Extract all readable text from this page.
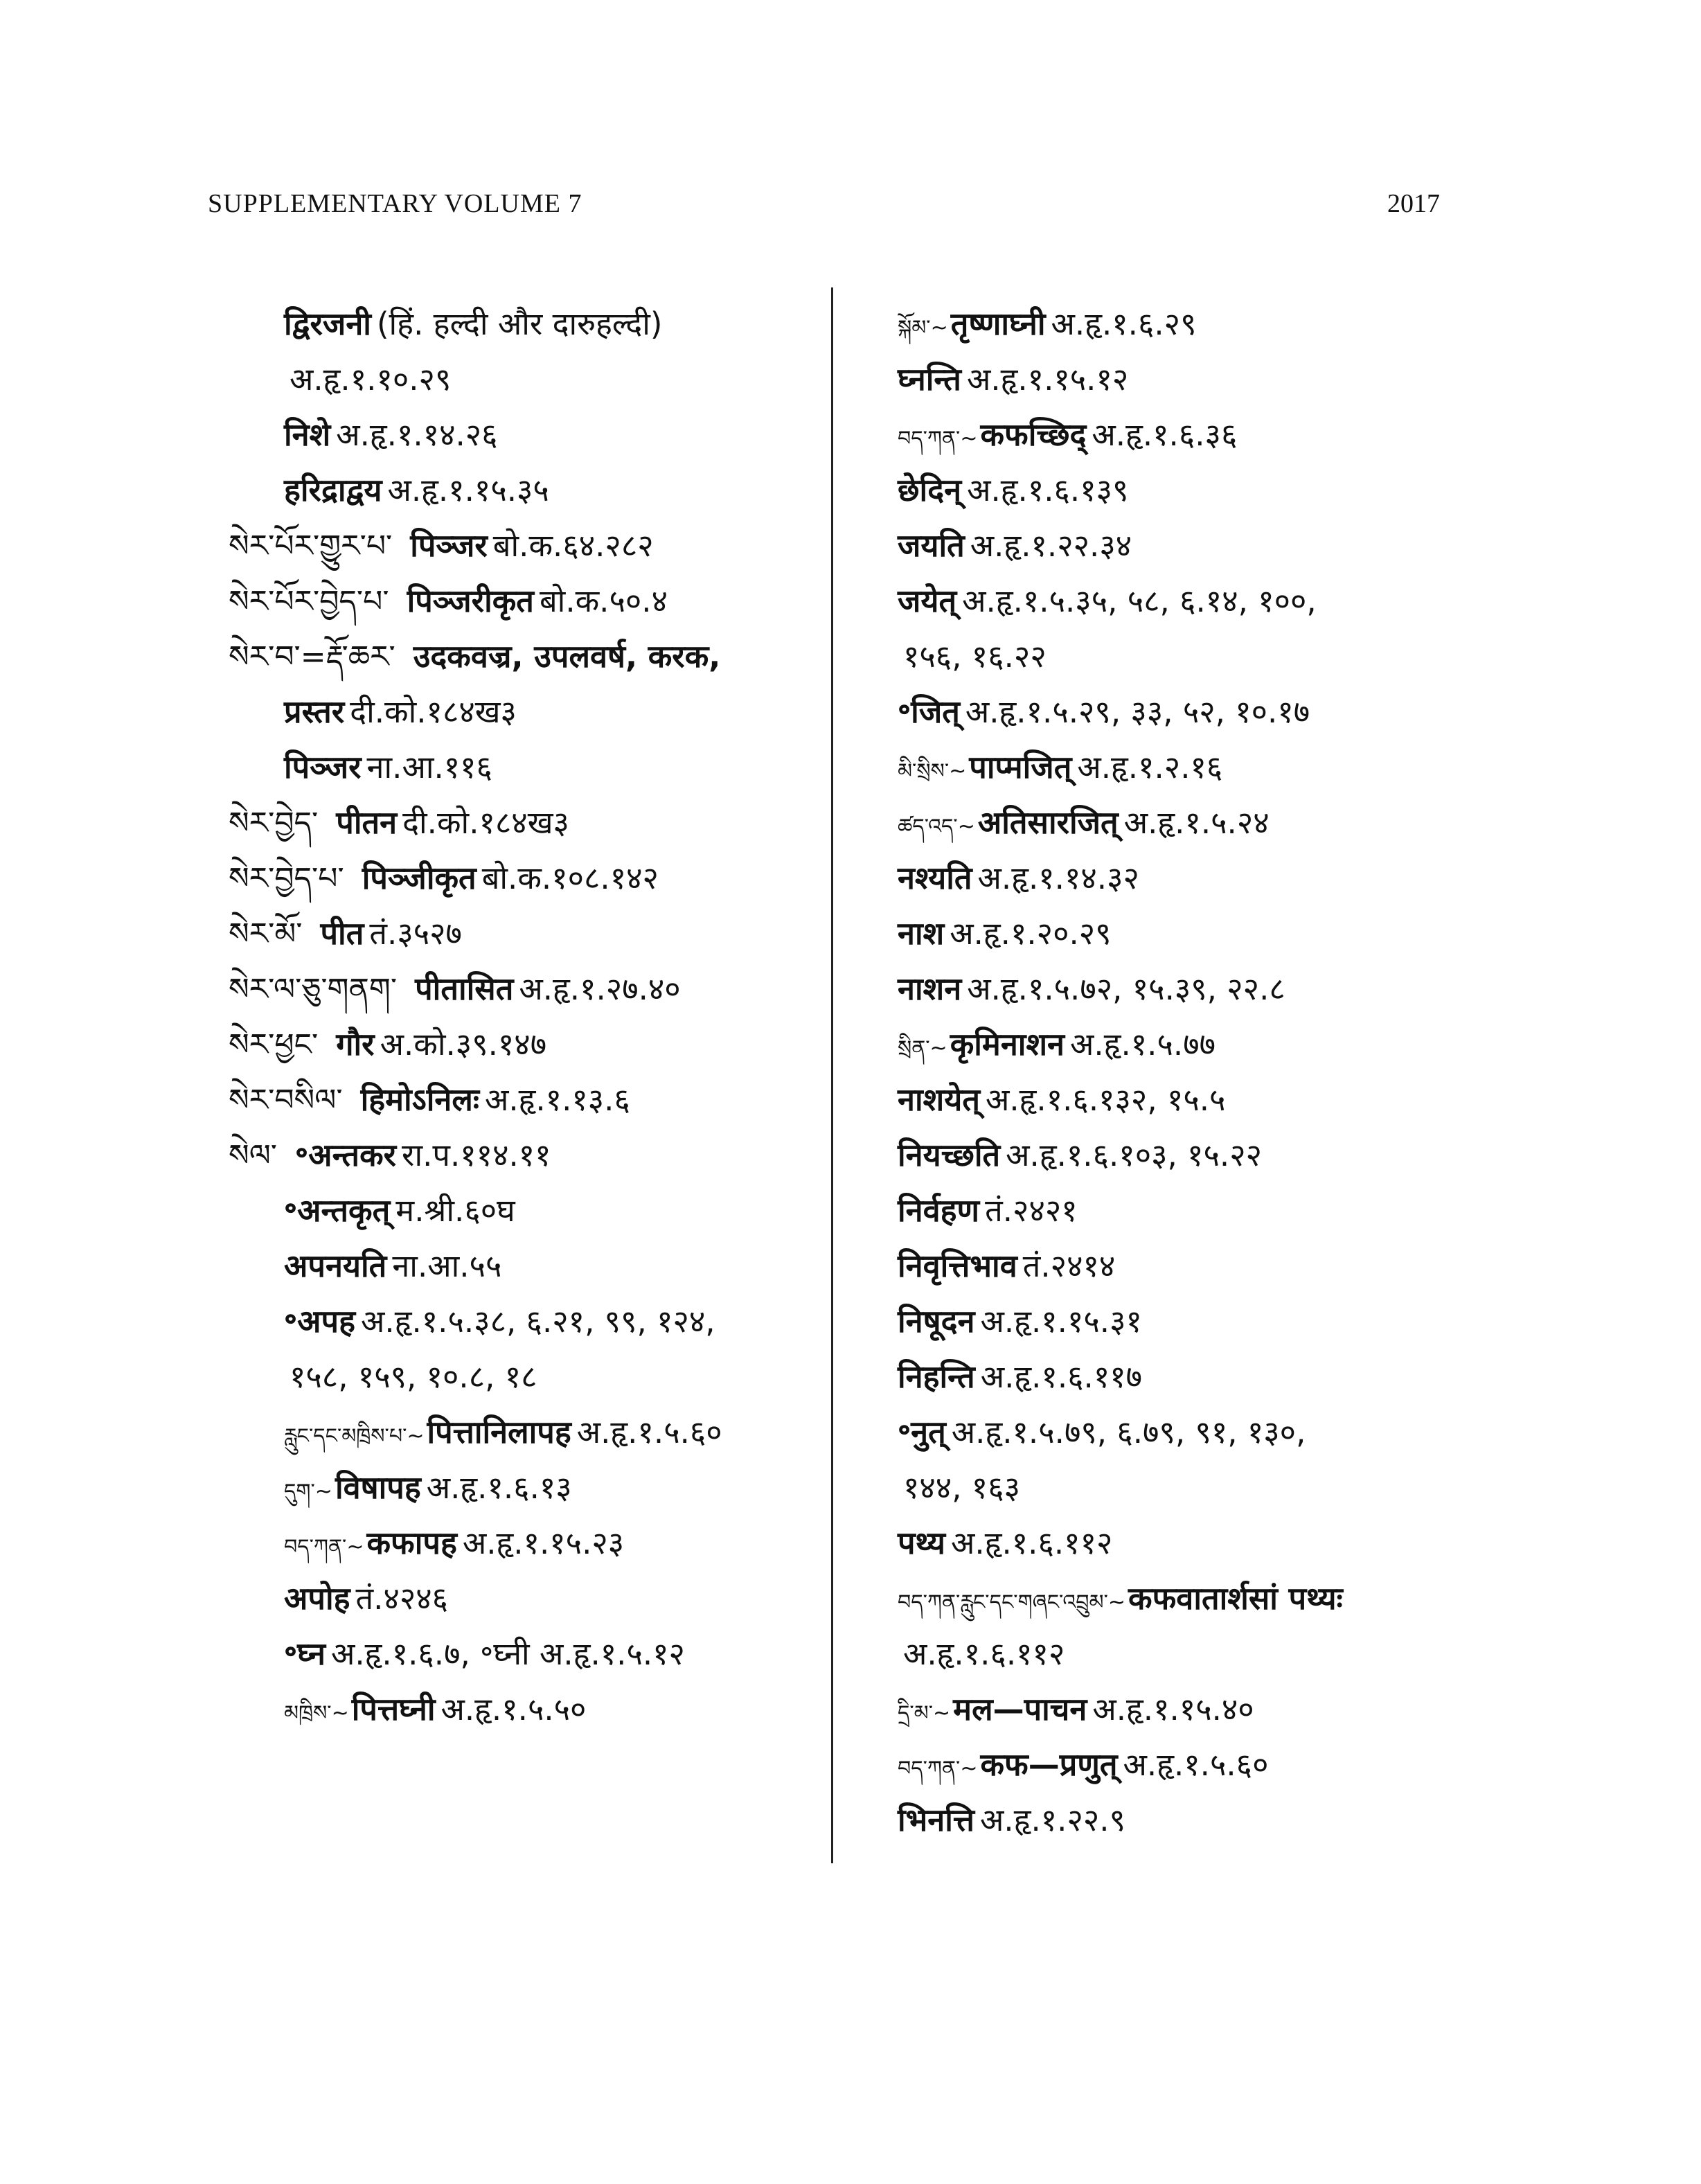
SUPPLEMENTARY VOLUME 7	2017
द्विरजनी (हिं. हल्दी और दारुहल्दी)
अ.हृ.१.१०.२९
निशे अ.हृ.१.१४.२६
हरिद्राद्वय अ.हृ.१.१५.३५
སེར་པོར་གྱུར་པ་ पिञ्जर बो.क.६४.२८२
སེར་པོར་བྱེད་པ་ पिञ्जरीकृत बो.क.५०.४
སེར་བ་=རྡོ་ཆར་ उदकवज्र, उपलवर्ष, करक,
प्रस्तर दी.को.१८४ख३
पिञ्जर ना.आ.११६
སེར་བྱེད་ पीतन दी.को.१८४ख३
སེར་བྱེད་པ་ पिञ्जीकृत बो.क.१०८.१४२
སེར་མོ་ पीत तं.३५२७
སེར་ལ་ཅུ་གནག་ पीतासित अ.हृ.१.२७.४०
སེར་ཕྱང་ गौर अ.को.३९.१४७
སེར་བསིལ་ हिमोऽनिलः अ.हृ.१.१३.६
སེལ་ ॰अन्तकर रा.प.११४.११
॰अन्तकृत् म.श्री.६०घ
अपनयति ना.आ.५५
॰अपह अ.हृ.१.५.३८, ६.२१, ९९, १२४,
१५८, १५९, १०.८, १८
རླུང་དང་མཁྲིས་པ་~पित्तानिलापह अ.हृ.१.५.६०
དུག་~विषापह अ.हृ.१.६.१३
བད་ཀན་~कफापह अ.हृ.१.१५.२३
अपोह तं.४२४६
॰घ्न अ.हृ.१.६.७, ॰घ्नी अ.हृ.१.५.१२
མཁྲིས་~पित्तघ्नी अ.हृ.१.५.५०
སྐོམ་~तृष्णाघ्नी अ.हृ.१.६.२९
घ्नन्ति अ.हृ.१.१५.१२
བད་ཀན་~कफच्छिद् अ.हृ.१.६.३६
छेदिन् अ.हृ.१.६.१३९
जयति अ.हृ.१.२२.३४
जयेत् अ.हृ.१.५.३५, ५८, ६.१४, १००,
१५६, १६.२२
॰जित् अ.हृ.१.५.२९, ३३, ५२, १०.१७
མི་སྲིས་~पाप्मजित् अ.हृ.१.२.१६
ཚད་འད་~अतिसारजित् अ.हृ.१.५.२४
नश्यति अ.हृ.१.१४.३२
नाश अ.हृ.१.२०.२९
नाशन अ.हृ.१.५.७२, १५.३९, २२.८
སྲིན་~कृमिनाशन अ.हृ.१.५.७७
नाशयेत् अ.हृ.१.६.१३२, १५.५
नियच्छति अ.हृ.१.६.१०३, १५.२२
निर्वहण तं.२४२१
निवृत्तिभाव तं.२४१४
निषूदन अ.हृ.१.१५.३१
निहन्ति अ.हृ.१.६.११७
॰नुत् अ.हृ.१.५.७९, ६.७९, ९१, १३०,
१४४, १६३
पथ्य अ.हृ.१.६.११२
བད་ཀན་རླུང་དང་གཞང་འབྲུམ་~कफवातार्शसां पथ्यः
अ.हृ.१.६.११२
དྲི་མ་~मल—पाचन अ.हृ.१.१५.४०
བད་ཀན་~कफ—प्रणुत् अ.हृ.१.५.६०
भिनत्ति अ.हृ.१.२२.९
